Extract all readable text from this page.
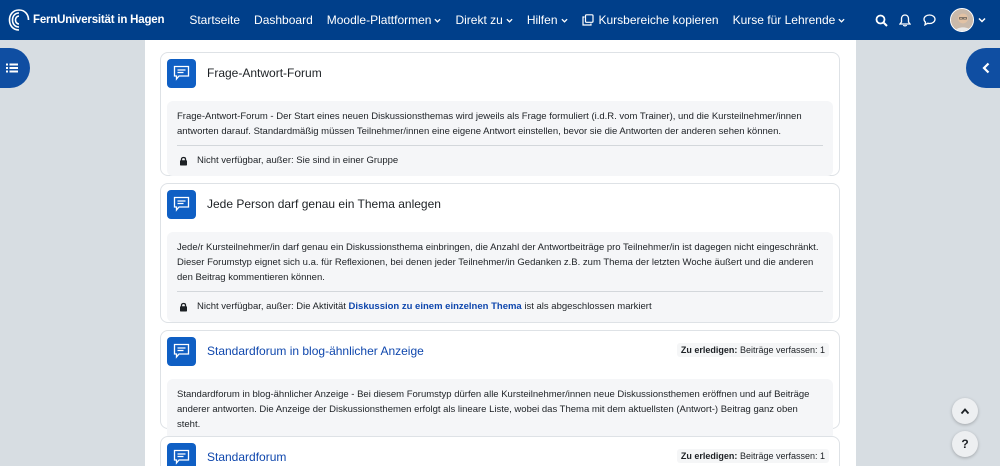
FernUniversität in Hagen Startseite Dashboard Moodle-Plattformen Direkt zu Hilfen	Kursbereiche kopieren Kurse für Lehrende
Frage-Antwort-Forum
Frage-Antwort-Forum - Der Start eines neuen Diskussionsthemas wird jeweils als Frage formuliert (i.d.R. vom Trainer), und die Kursteilnehmer/innen antworten darauf. Standardmäßig müssen Teilnehmer/innen eine eigene Antwort einstellen, bevor sie die Antworten der anderen sehen können.
Nicht verfügbar, außer: Sie sind in einer Gruppe
Jede Person darf genau ein Thema anlegen
Jede/r Kursteilnehmer/in darf genau ein Diskussionsthema einbringen, die Anzahl der Antwortbeiträge pro Teilnehmer/in ist dagegen nicht eingeschränkt. Dieser Forumstyp eignet sich u.a. für Reflexionen, bei denen jeder Teilnehmer/in Gedanken z.B. zum Thema der letzten Woche äußert und die anderen den Beitrag kommentieren können.
Nicht verfügbar, außer: Die Aktivität Diskussion zu einem einzelnen Thema ist als abgeschlossen markiert
Standardforum in blog-ähnlicher Anzeige	Zu erledigen: Beiträge verfassen: 1
Standardforum in blog-ähnlicher Anzeige - Bei diesem Forumstyp dürfen alle Kursteilnehmer/innen neue Diskussionsthemen eröffnen und auf Beiträge anderer antworten. Die Anzeige der Diskussionsthemen erfolgt als lineare Liste, wobei das Thema mit dem aktuellsten (Antwort-) Beitrag ganz oben steht.
Standardforum	Zu erledigen: Beiträge verfassen: 1
?
